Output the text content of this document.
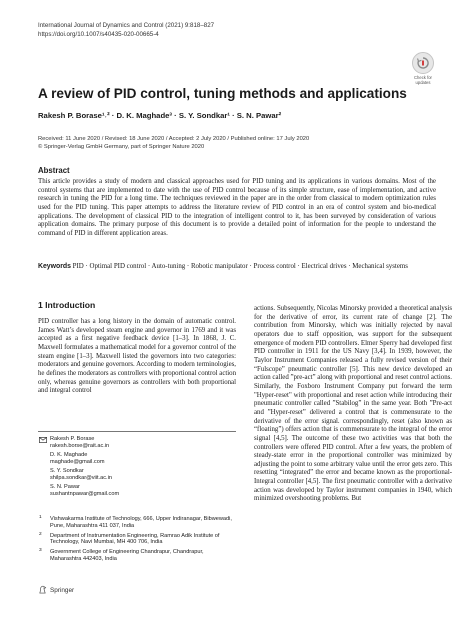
International Journal of Dynamics and Control (2021) 9:818–827
https://doi.org/10.1007/s40435-020-00665-4
Check for
updates
A review of PID control, tuning methods and applications
Rakesh P. Borase¹˒² · D. K. Maghade³ · S. Y. Sondkar¹ · S. N. Pawar²
Received: 11 June 2020 / Revised: 18 June 2020 / Accepted: 2 July 2020 / Published online: 17 July 2020
© Springer-Verlag GmbH Germany, part of Springer Nature 2020
Abstract

This article provides a study of modern and classical approaches used for PID tuning and its applications in various domains. Most of the control systems that are implemented to date with the use of PID control because of its simple structure, ease of implementation, and active research in tuning the PID for a long time. The techniques reviewed in the paper are in the order from classical to modern optimization rules used for the PID tuning. This paper attempts to address the literature review of PID control in an era of control system and bio-medical applications. The development of classical PID to the integration of intelligent control to it, has been surveyed by consideration of various application domains. The primary purpose of this document is to provide a detailed point of information for the people to understand the command of PID in different application areas.

Keywords PID · Optimal PID control · Auto-tuning · Robotic manipulator · Process control · Electrical drives · Mechanical systems
1 Introduction

PID controller has a long history in the domain of automatic control. James Watt’s developed steam engine and governor in 1769 and it was accepted as a first negative feedback device [1–3]. In 1868, J. C. Maxwell formulates a mathematical model for a governor control of the steam engine [1–3]. Maxwell listed the governors into two categories: moderators and genuine governors. According to modern terminologies, he defines the moderators as controllers with proportional control action only, whereas genuine governors as controllers with both proportional and integral control

actions. Subsequently, Nicolas Minorsky provided a theoretical analysis for the derivative of error, its current rate of change [2]. The contribution from Minorsky, which was initially rejected by naval operators due to staff opposition, was support for the subsequent emergence of modern PID controllers. Elmer Sperry had developed first PID controller in 1911 for the US Navy [3,4]. In 1939, however, the Taylor Instrument Companies released a fully revised version of their “Fulscope” pneumatic controller [5]. This new device developed an action called ”pre-act” along with proportional and reset control actions. Similarly, the Foxboro Instrument Company put forward the term "Hyper-reset" with proportional and reset action while introducing their pneumatic controller called ”Stabilog” in the same year. Both ”Pre-act and ”Hyper-reset” delivered a control that is commensurate to the derivative of the error signal. correspondingly, reset (also known as “floating”) offers action that is commensurate to the integral of the error signal [4,5]. The outcome of these two activities was that both the controllers were offered PID control. After a few years, the problem of steady-state error in the proportional controller was minimized by adjusting the point to some arbitrary value until the error gets zero. This resetting “integrated” the error and became known as the proportional-Integral controller [4,5]. The first pneumatic controller with a derivative action was developed by Taylor instrument companies in 1940, which minimized overshooting problems. But

Rakesh P. Borase
rakesh.borse@rait.ac.in
D. K. Maghade
maghade@gmail.com
S. Y. Sondkar
shilpa.sondkar@viit.ac.in
S. N. Pawar
sushantnpawar@gmail.com
1 Vishwakarma Institute of Technology, 666, Upper Indiranagar, Bibwewadi, Pune, Maharashtra 411 037, India
2 Department of Instrumentation Engineering, Ramrao Adik Institute of Technology, Navi Mumbai, MH 400 706, India
3 Government College of Engineering Chandrapur, Chandrapur, Maharashtra 442403, India
Springer
